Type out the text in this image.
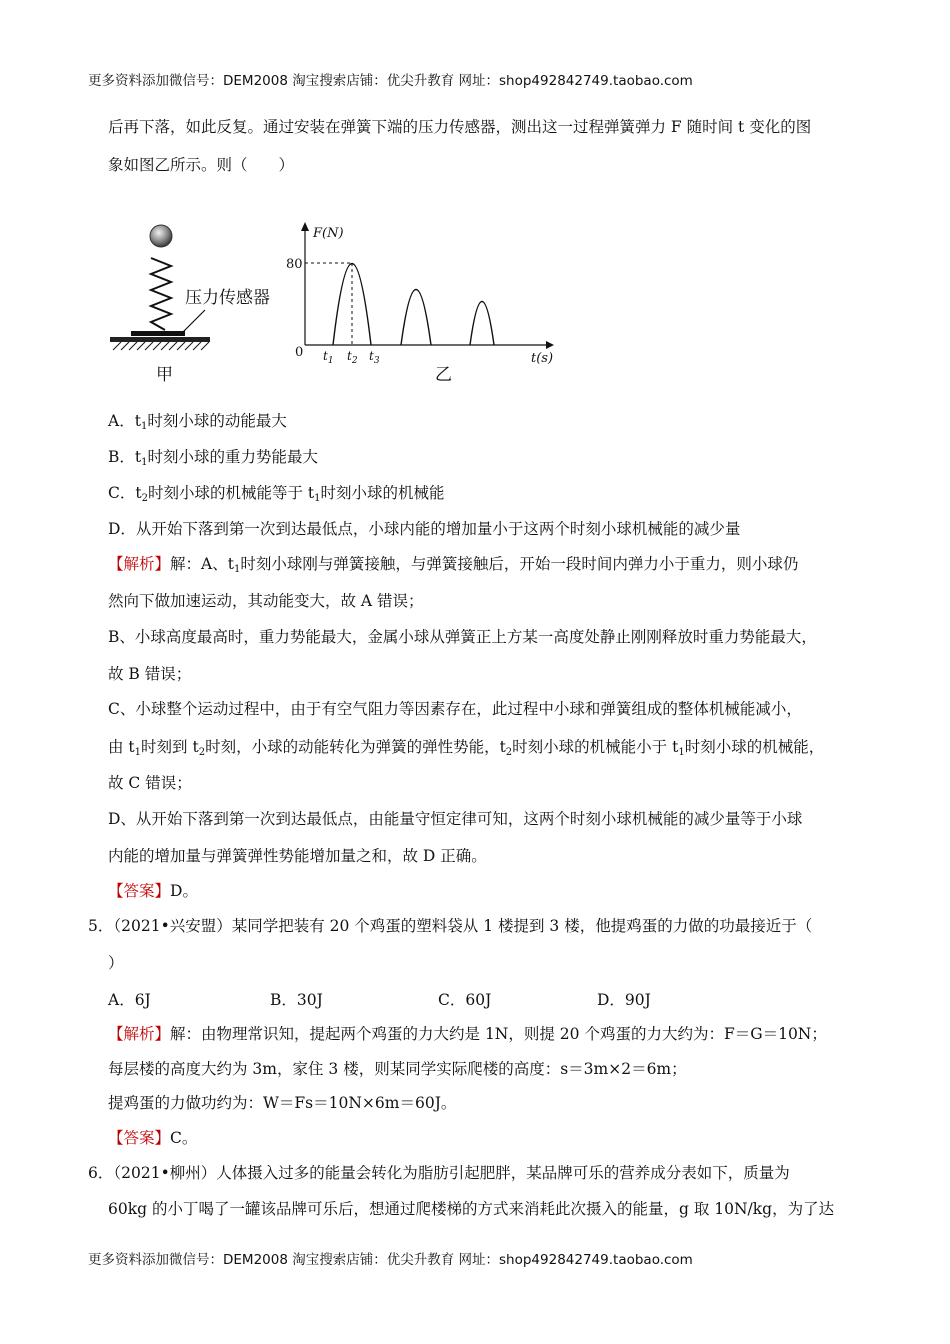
更多资料添加微信号：DEM2008 淘宝搜索店铺：优尖升教育 网址：shop492842749.taobao.com
后再下落，如此反复。通过安装在弹簧下端的压力传感器，测出这一过程弹簧弹力 F 随时间 t 变化的图
象如图乙所示。则（　　）
压力传感器
甲
F(N)
t(s)
0
80
$t_1$ $t_2$ $t_3$
乙
A．$t_1$时刻小球的动能最大
B．$t_1$时刻小球的重力势能最大
C．$t_2$时刻小球的机械能等于 $t_1$时刻小球的机械能
D．从开始下落到第一次到达最低点，小球内能的增加量小于这两个时刻小球机械能的减少量
【解析】解：A、$t_1$时刻小球刚与弹簧接触，与弹簧接触后，开始一段时间内弹力小于重力，则小球仍
然向下做加速运动，其动能变大，故 A 错误；
B、小球高度最高时，重力势能最大，金属小球从弹簧正上方某一高度处静止刚刚释放时重力势能最大，
故 B 错误；
C、小球整个运动过程中，由于有空气阻力等因素存在，此过程中小球和弹簧组成的整体机械能减小，
由 $t_1$时刻到 $t_2$时刻，小球的动能转化为弹簧的弹性势能，$t_2$时刻小球的机械能小于 $t_1$时刻小球的机械能，
故 C 错误；
D、从开始下落到第一次到达最低点，由能量守恒定律可知，这两个时刻小球机械能的减少量等于小球
内能的增加量与弹簧弹性势能增加量之和，故 D 正确。
【答案】D。
5．（2021•兴安盟）某同学把装有 20 个鸡蛋的塑料袋从 1 楼提到 3 楼，他提鸡蛋的力做的功最接近于（
）
A．6J	B．30J	C．60J	D．90J
【解析】解：由物理常识知，提起两个鸡蛋的力大约是 1N，则提 20 个鸡蛋的力大约为：F＝G＝10N；
每层楼的高度大约为 3m，家住 3 楼，则某同学实际爬楼的高度：s＝3m×2＝6m；
提鸡蛋的力做功约为：W＝Fs＝10N×6m＝60J。
【答案】C。
6．（2021•柳州）人体摄入过多的能量会转化为脂肪引起肥胖，某品牌可乐的营养成分表如下，质量为
60kg 的小丁喝了一罐该品牌可乐后，想通过爬楼梯的方式来消耗此次摄入的能量，g 取 10N/kg，为了达
更多资料添加微信号：DEM2008 淘宝搜索店铺：优尖升教育 网址：shop492842749.taobao.com
